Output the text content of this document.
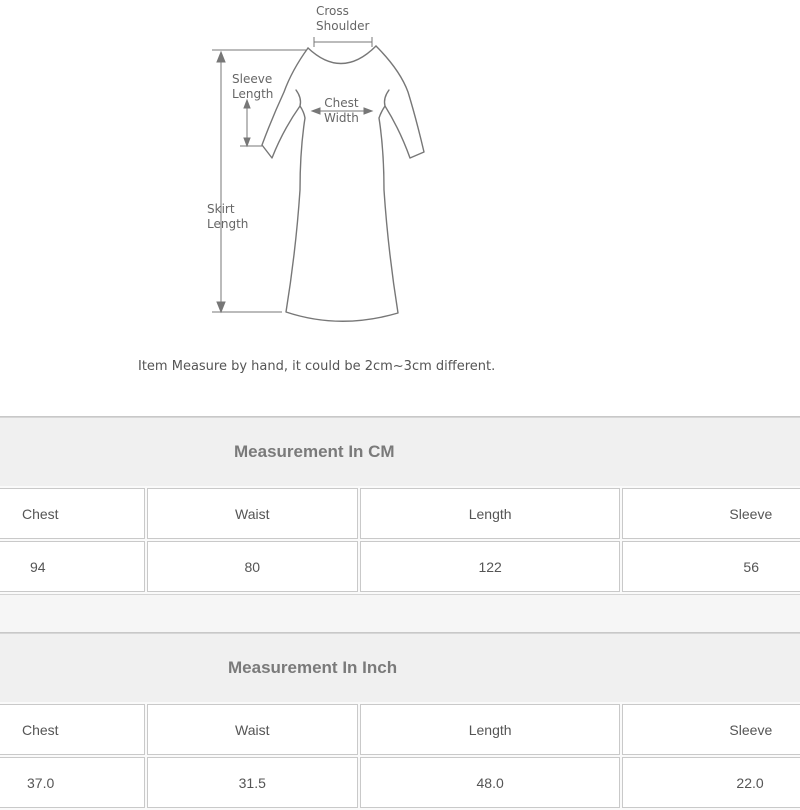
Cross
Shoulder
Sleeve
Length
Chest
Width
Skirt
Length
Item Measure by hand, it could be 2cm~3cm different.
Measurement In CM
Chest	Waist	Length	Sleeve
94	80	122	56
Measurement In Inch
Chest	Waist	Length	Sleeve
37.0	31.5	48.0	22.0
